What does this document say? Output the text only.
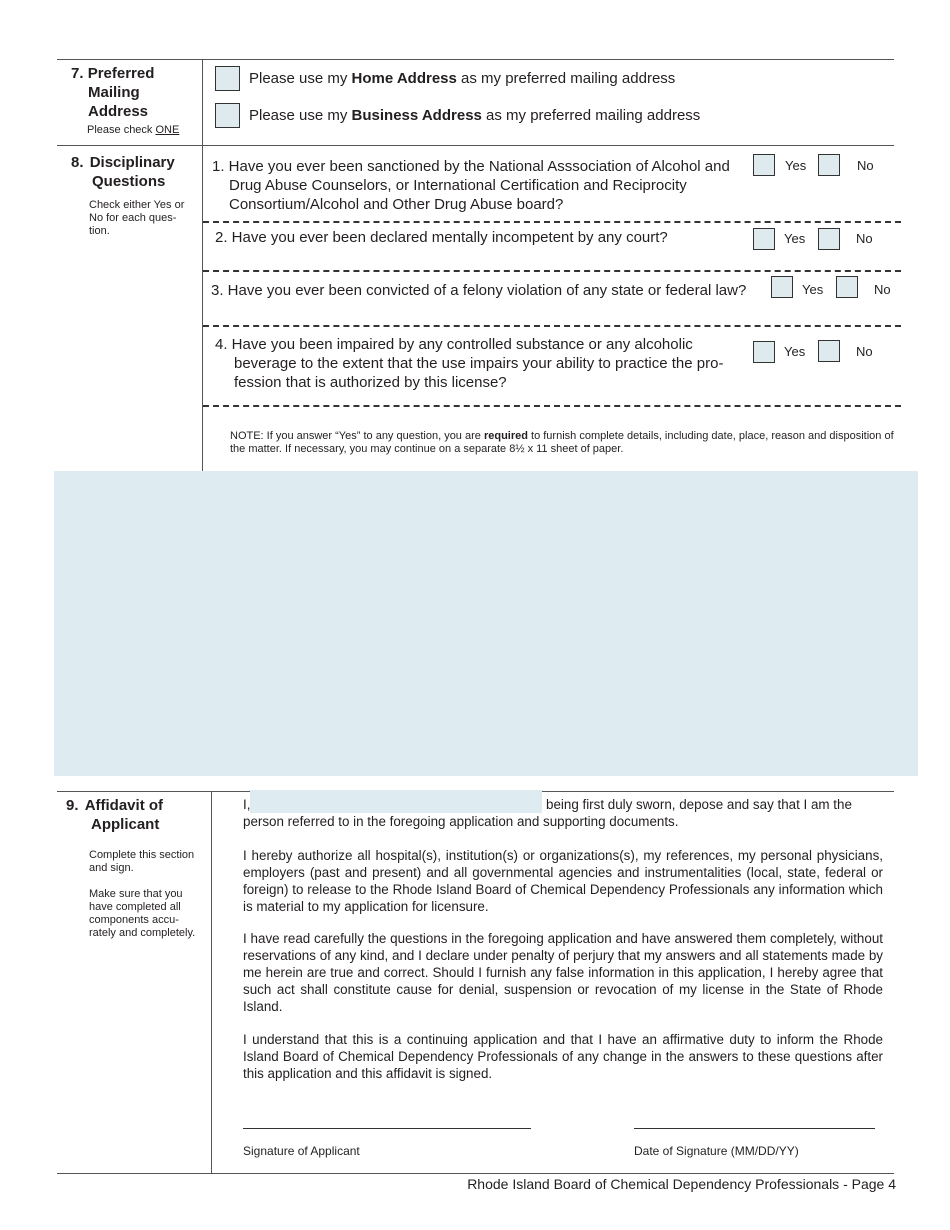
7. Preferred
Mailing
Address
Please check ONE
Please use my Home Address as my preferred mailing address
Please use my Business Address as my preferred mailing address
8. Disciplinary
Questions
Check either Yes or
No for each ques-
tion.
1. Have you ever been sanctioned by the National Asssociation of Alcohol and
Drug Abuse Counselors, or International Certification and Reciprocity
Consortium/Alcohol and Other Drug Abuse board?
Yes	No
2. Have you ever been declared mentally incompetent by any court?	Yes	No
3. Have you ever been convicted of a felony violation of any state or federal law?	Yes	No
4. Have you been impaired by any controlled substance or any alcoholic
beverage to the extent that the use impairs your ability to practice the pro-
fession that is authorized by this license?
Yes	No
NOTE: If you answer “Yes” to any question, you are required to furnish complete details, including date, place, reason and disposition of
the matter. If necessary, you may continue on a separate 8½ x 11 sheet of paper.
9. Affidavit of
Applicant
Complete this section
and sign.
Make sure that you
have completed all
components accu-
rately and completely.
I,	being first duly sworn, depose and say that I am the
person referred to in the foregoing application and supporting documents.
I hereby authorize all hospital(s), institution(s) or organizations(s), my references, my personal physicians, employers (past and present) and all governmental agencies and instrumentalities (local, state, federal or foreign) to release to the Rhode Island Board of Chemical Dependency Professionals any information which is material to my application for licensure.
I have read carefully the questions in the foregoing application and have answered them completely, without reservations of any kind, and I declare under penalty of perjury that my answers and all statements made by me herein are true and correct. Should I furnish any false information in this application, I hereby agree that such act shall constitute cause for denial, suspension or revocation of my license in the State of Rhode Island.
I understand that this is a continuing application and that I have an affirmative duty to inform the Rhode Island Board of Chemical Dependency Professionals of any change in the answers to these questions after this application and this affidavit is signed.
Signature of Applicant	Date of Signature (MM/DD/YY)
Rhode Island Board of Chemical Dependency Professionals - Page 4
